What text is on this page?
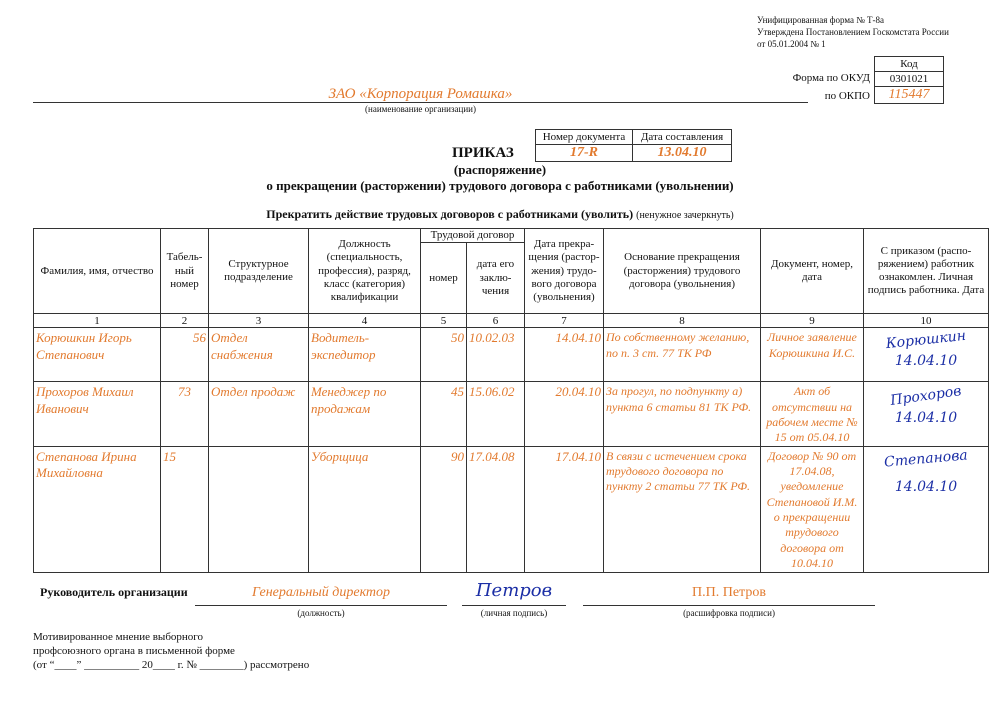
Унифицированная форма № Т-8а
Утверждена Постановлением Госкомстата России
от 05.01.2004 № 1
Код
0301021
115447
Форма по ОКУД
по ОКПО
ЗАО «Корпорация Ромашка»
(наименование организации)
Номер документа	Дата составления
17-R	13.04.10
ПРИКАЗ
(распоряжение)
о прекращении (расторжении) трудового договора с работниками (увольнении)
Прекратить действие трудовых договоров с работниками (уволить) (ненужное зачеркнуть)
Фамилия, имя, отчество	Табель- ный номер	Структурное подразделение	Должность (специальность, профессия), разряд, класс (категория) квалификации	Трудовой договор		Дата прекра- щения (растор- жения) трудо- вого договора (увольнения)	Основание прекращения (расторжения) трудового договора (увольнения)	Документ, номер, дата	С приказом (распо- ряжением) работник ознакомлен. Личная подпись работника. Дата
				номер	дата его заклю- чения				
1	2	3	4	5	6	7	8	9	10
Корюшкин Игорь Степанович	56	Отдел снабжения	Водитель-экспедитор	50	10.02.03	14.04.10	По собственному желанию, по п. 3 ст. 77 ТК РФ	Личное заявление Корюшкина И.С.	Корюшкин
14.04.10

Прохоров Михаил Иванович	73	Отдел продаж	Менеджер по продажам	45	15.06.02	20.04.10	За прогул, по подпункту а) пункта 6 статьи 81 ТК РФ.	Акт об отсутствии на рабочем месте № 15 от 05.04.10	Прохоров
14.04.10

Степанова Ирина Михайловна	15		Уборщица	90	17.04.08	17.04.10	В связи с истечением срока трудового договора по пункту 2 статьи 77 ТК РФ.	Договор № 90 от 17.04.08, уведомление Степановой И.М. о прекращении трудового договора от 10.04.10	Степанова
14.04.10
Руководитель организации	Генеральный директор
(должность)
Петров
(личная подпись)
П.П. Петров
(расшифровка подписи)
Мотивированное мнение выборного
профсоюзного органа в письменной форме
(от “____” __________ 20____ г. № ________) рассмотрено
